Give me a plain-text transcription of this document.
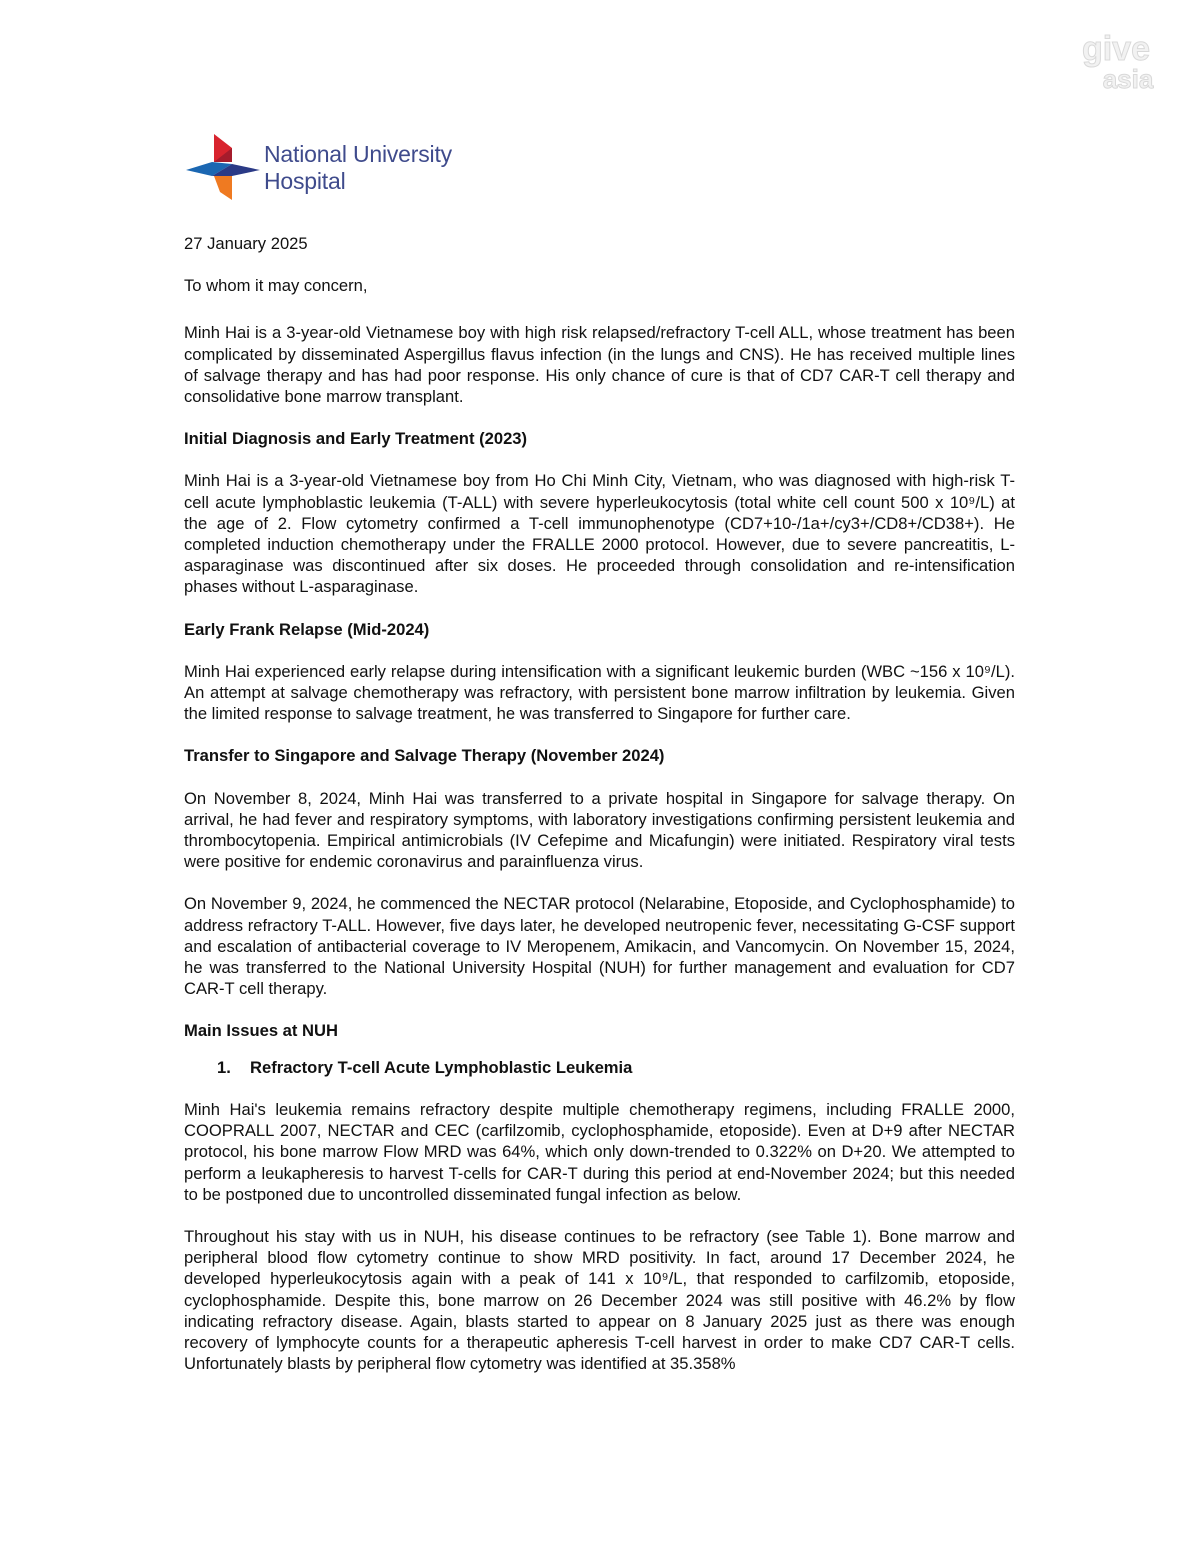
give
asia
National University
Hospital

27 January 2025

To whom it may concern,

Minh Hai is a 3-year-old Vietnamese boy with high risk relapsed/refractory T-cell ALL, whose treatment has been complicated by disseminated Aspergillus flavus infection (in the lungs and CNS). He has received multiple lines of salvage therapy and has had poor response. His only chance of cure is that of CD7 CAR-T cell therapy and consolidative bone marrow transplant.

Initial Diagnosis and Early Treatment (2023)

Minh Hai is a 3-year-old Vietnamese boy from Ho Chi Minh City, Vietnam, who was diagnosed with high-risk T-cell acute lymphoblastic leukemia (T-ALL) with severe hyperleukocytosis (total white cell count 500 x 10⁹/L) at the age of 2. Flow cytometry confirmed a T-cell immunophenotype (CD7+10-/1a+/cy3+/CD8+/CD38+). He completed induction chemotherapy under the FRALLE 2000 protocol. However, due to severe pancreatitis, L-asparaginase was discontinued after six doses. He proceeded through consolidation and re-intensification phases without L-asparaginase.

Early Frank Relapse (Mid-2024)

Minh Hai experienced early relapse during intensification with a significant leukemic burden (WBC ~156 x 10⁹/L). An attempt at salvage chemotherapy was refractory, with persistent bone marrow infiltration by leukemia. Given the limited response to salvage treatment, he was transferred to Singapore for further care.

Transfer to Singapore and Salvage Therapy (November 2024)

On November 8, 2024, Minh Hai was transferred to a private hospital in Singapore for salvage therapy. On arrival, he had fever and respiratory symptoms, with laboratory investigations confirming persistent leukemia and thrombocytopenia. Empirical antimicrobials (IV Cefepime and Micafungin) were initiated. Respiratory viral tests were positive for endemic coronavirus and parainfluenza virus.

On November 9, 2024, he commenced the NECTAR protocol (Nelarabine, Etoposide, and Cyclophosphamide) to address refractory T-ALL. However, five days later, he developed neutropenic fever, necessitating G-CSF support and escalation of antibacterial coverage to IV Meropenem, Amikacin, and Vancomycin. On November 15, 2024, he was transferred to the National University Hospital (NUH) for further management and evaluation for CD7 CAR-T cell therapy.

Main Issues at NUH
1.	Refractory T-cell Acute Lymphoblastic Leukemia

Minh Hai's leukemia remains refractory despite multiple chemotherapy regimens, including FRALLE 2000, COOPRALL 2007, NECTAR and CEC (carfilzomib, cyclophosphamide, etoposide). Even at D+9 after NECTAR protocol, his bone marrow Flow MRD was 64%, which only down-trended to 0.322% on D+20. We attempted to perform a leukapheresis to harvest T-cells for CAR-T during this period at end-November 2024; but this needed to be postponed due to uncontrolled disseminated fungal infection as below.

Throughout his stay with us in NUH, his disease continues to be refractory (see Table 1). Bone marrow and peripheral blood flow cytometry continue to show MRD positivity. In fact, around 17 December 2024, he developed hyperleukocytosis again with a peak of 141 x 10⁹/L, that responded to carfilzomib, etoposide, cyclophosphamide. Despite this, bone marrow on 26 December 2024 was still positive with 46.2% by flow indicating refractory disease. Again, blasts started to appear on 8 January 2025 just as there was enough recovery of lymphocyte counts for a therapeutic apheresis T-cell harvest in order to make CD7 CAR-T cells. Unfortunately blasts by peripheral flow cytometry was identified at 35.358%
